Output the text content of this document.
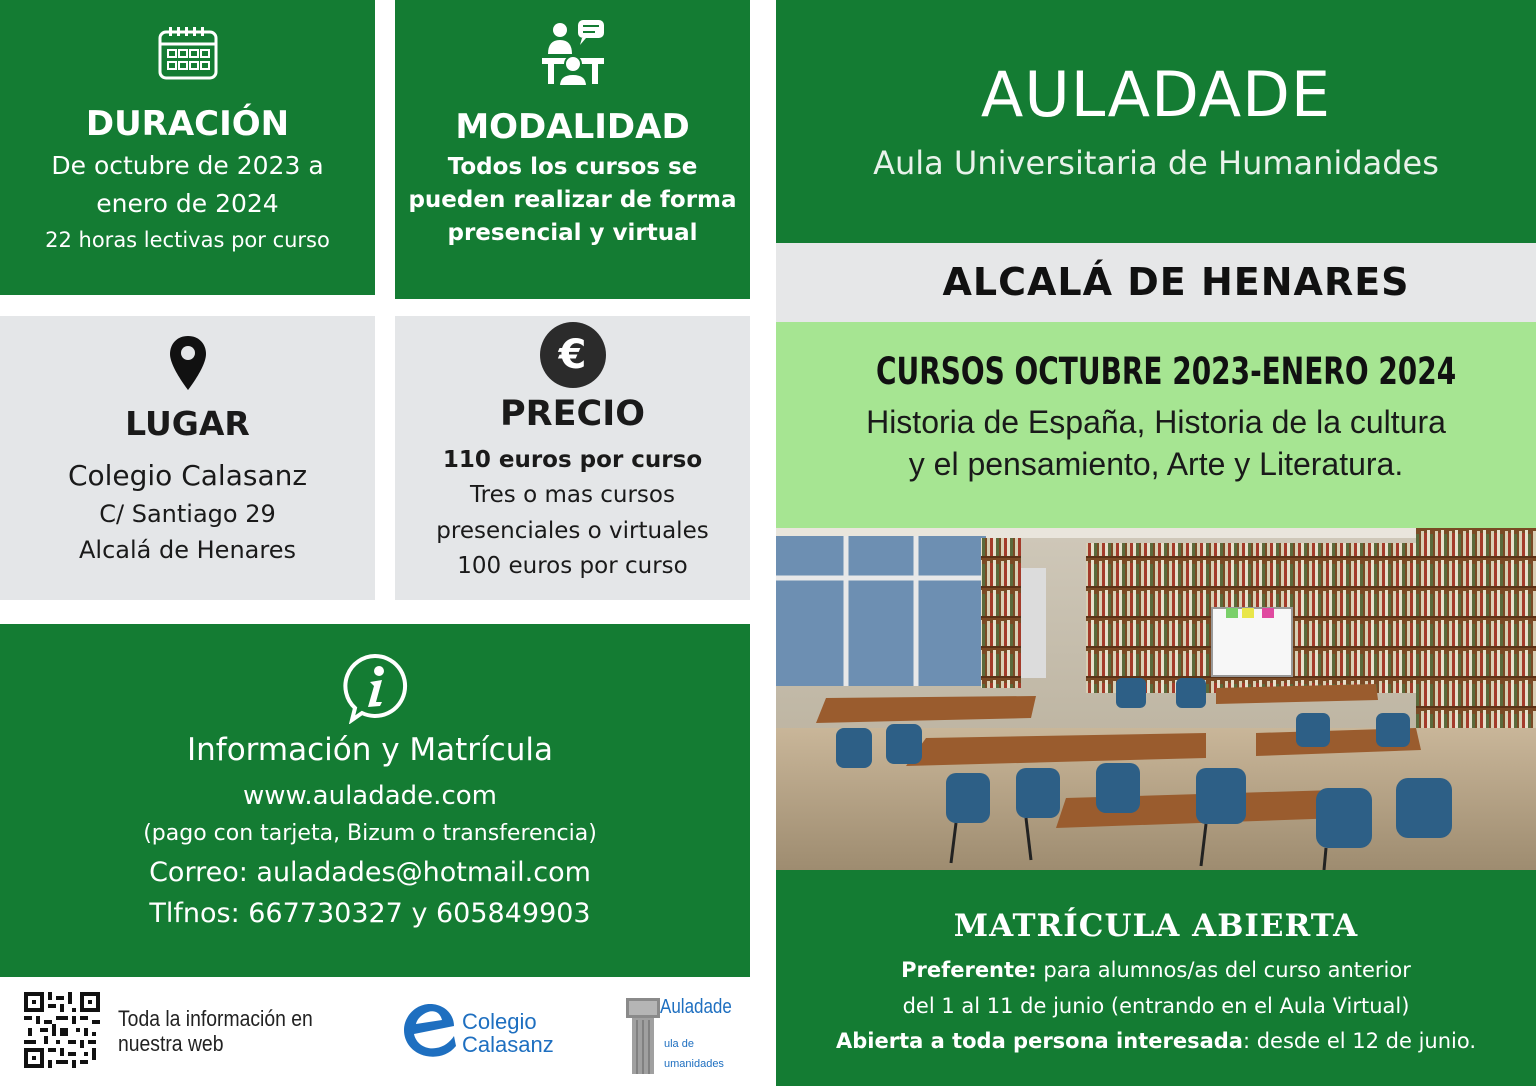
DURACIÓN
De octubre de 2023 a
enero de 2024
22 horas lectivas por curso
MODALIDAD
Todos los cursos se
pueden realizar de forma
presencial y virtual
LUGAR
Colegio Calasanz
C/ Santiago 29
Alcalá de Henares
€
PRECIO
110 euros por curso
Tres o mas cursos
presenciales o virtuales
100 euros por curso
Información y Matrícula
www.auladade.com
(pago con tarjeta, Bizum o transferencia)
Correo: auladades@hotmail.com
Tlfnos: 667730327 y 605849903
Toda la información en
nuestra web
Colegio
Calasanz
Auladade
ula de
umanidades
AULADADE
Aula Universitaria de Humanidades
ALCALÁ DE HENARES
CURSOS OCTUBRE 2023-ENERO 2024
Historia de España, Historia de la cultura
y el pensamiento, Arte y Literatura.
MATRÍCULA ABIERTA
Preferente: para alumnos/as del curso anterior
del 1 al 11 de junio (entrando en el Aula Virtual)
Abierta a toda persona interesada: desde el 12 de junio.
